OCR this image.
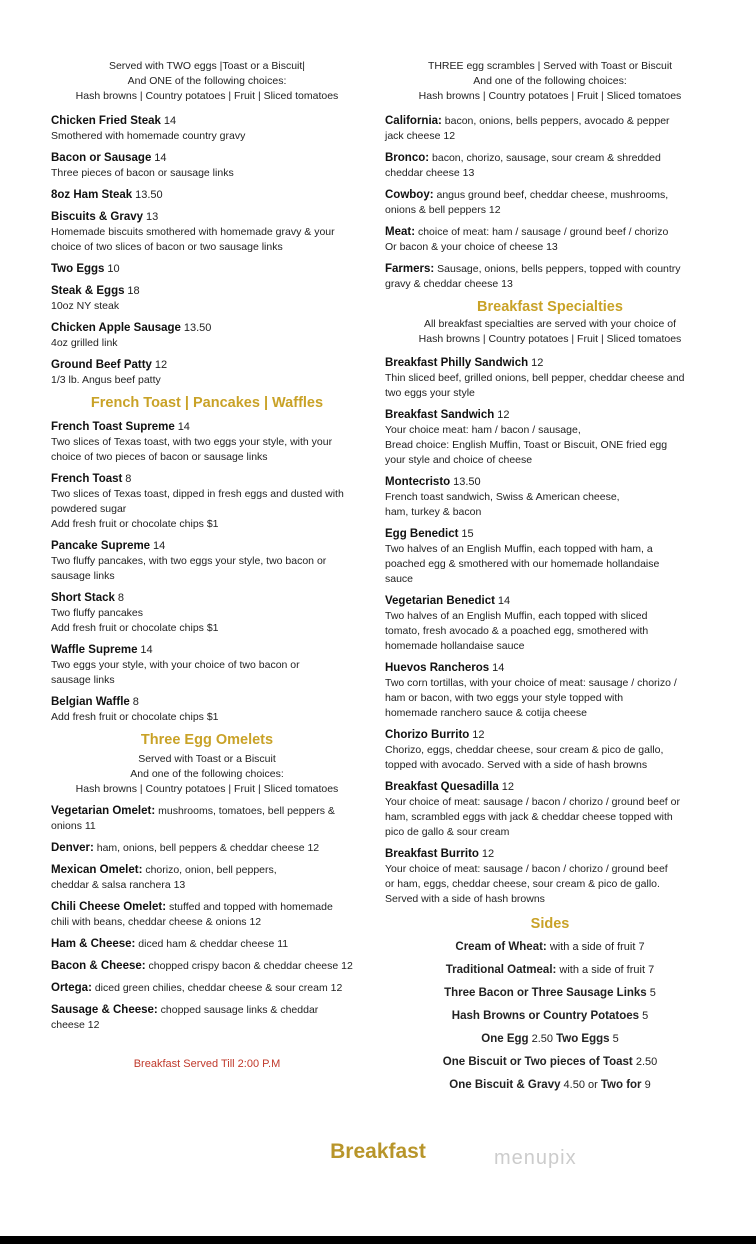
Served with TWO eggs |Toast or a Biscuit|
And ONE of the following choices:
Hash browns | Country potatoes | Fruit | Sliced tomatoes
Chicken Fried Steak 14
Smothered with homemade country gravy
Bacon or Sausage 14
Three pieces of bacon or sausage links
8oz Ham Steak 13.50
Biscuits & Gravy 13
Homemade biscuits smothered with homemade gravy & your
choice of two slices of bacon or two sausage links
Two Eggs 10
Steak & Eggs 18
10oz NY steak
Chicken Apple Sausage 13.50
4oz grilled link
Ground Beef Patty 12
1/3 lb. Angus beef patty
French Toast | Pancakes | Waffles
French Toast Supreme 14
Two slices of Texas toast, with two eggs your style, with your
choice of two pieces of bacon or sausage links
French Toast 8
Two slices of Texas toast, dipped in fresh eggs and dusted with
powdered sugar
Add fresh fruit or chocolate chips $1
Pancake Supreme 14
Two fluffy pancakes, with two eggs your style, two bacon or
sausage links
Short Stack 8
Two fluffy pancakes
Add fresh fruit or chocolate chips $1
Waffle Supreme 14
Two eggs your style, with your choice of two bacon or
sausage links
Belgian Waffle 8
Add fresh fruit or chocolate chips $1
Three Egg Omelets
Served with Toast or a Biscuit
And one of the following choices:
Hash browns | Country potatoes | Fruit | Sliced tomatoes
Vegetarian Omelet: mushrooms, tomatoes, bell peppers &
onions 11
Denver: ham, onions, bell peppers & cheddar cheese 12
Mexican Omelet: chorizo, onion, bell peppers,
cheddar & salsa ranchera 13
Chili Cheese Omelet: stuffed and topped with homemade
chili with beans, cheddar cheese & onions 12
Ham & Cheese: diced ham & cheddar cheese 11
Bacon & Cheese: chopped crispy bacon & cheddar cheese 12
Ortega: diced green chilies, cheddar cheese & sour cream 12
Sausage & Cheese: chopped sausage links & cheddar
cheese 12
Breakfast Served Till 2:00 P.M
THREE egg scrambles | Served with Toast or Biscuit
And one of the following choices:
Hash browns | Country potatoes | Fruit | Sliced tomatoes
California: bacon, onions, bells peppers, avocado & pepper
jack cheese 12
Bronco: bacon, chorizo, sausage, sour cream & shredded
cheddar cheese 13
Cowboy: angus ground beef, cheddar cheese, mushrooms,
onions & bell peppers 12
Meat: choice of meat: ham / sausage / ground beef / chorizo
Or bacon & your choice of cheese 13
Farmers: Sausage, onions, bells peppers, topped with country
gravy & cheddar cheese 13
Breakfast Specialties
All breakfast specialties are served with your choice of
Hash browns | Country potatoes | Fruit | Sliced tomatoes
Breakfast Philly Sandwich 12
Thin sliced beef, grilled onions, bell pepper, cheddar cheese and
two eggs your style
Breakfast Sandwich 12
Your choice meat: ham / bacon / sausage,
Bread choice: English Muffin, Toast or Biscuit, ONE fried egg
your style and choice of cheese
Montecristo 13.50
French toast sandwich, Swiss & American cheese,
ham, turkey & bacon
Egg Benedict 15
Two halves of an English Muffin, each topped with ham, a
poached egg & smothered with our homemade hollandaise
sauce
Vegetarian Benedict 14
Two halves of an English Muffin, each topped with sliced
tomato, fresh avocado & a poached egg, smothered with
homemade hollandaise sauce
Huevos Rancheros 14
Two corn tortillas, with your choice of meat: sausage / chorizo /
ham or bacon, with two eggs your style topped with
homemade ranchero sauce & cotija cheese
Chorizo Burrito 12
Chorizo, eggs, cheddar cheese, sour cream & pico de gallo,
topped with avocado. Served with a side of hash browns
Breakfast Quesadilla 12
Your choice of meat: sausage / bacon / chorizo / ground beef or
ham, scrambled eggs with jack & cheddar cheese topped with
pico de gallo & sour cream
Breakfast Burrito 12
Your choice of meat: sausage / bacon / chorizo / ground beef
or ham, eggs, cheddar cheese, sour cream & pico de gallo.
Served with a side of hash browns
Sides
Cream of Wheat: with a side of fruit 7
Traditional Oatmeal: with a side of fruit 7
Three Bacon or Three Sausage Links 5
Hash Browns or Country Potatoes 5
One Egg 2.50 Two Eggs 5
One Biscuit or Two pieces of Toast 2.50
One Biscuit & Gravy 4.50 or Two for 9
Breakfast	menupix
